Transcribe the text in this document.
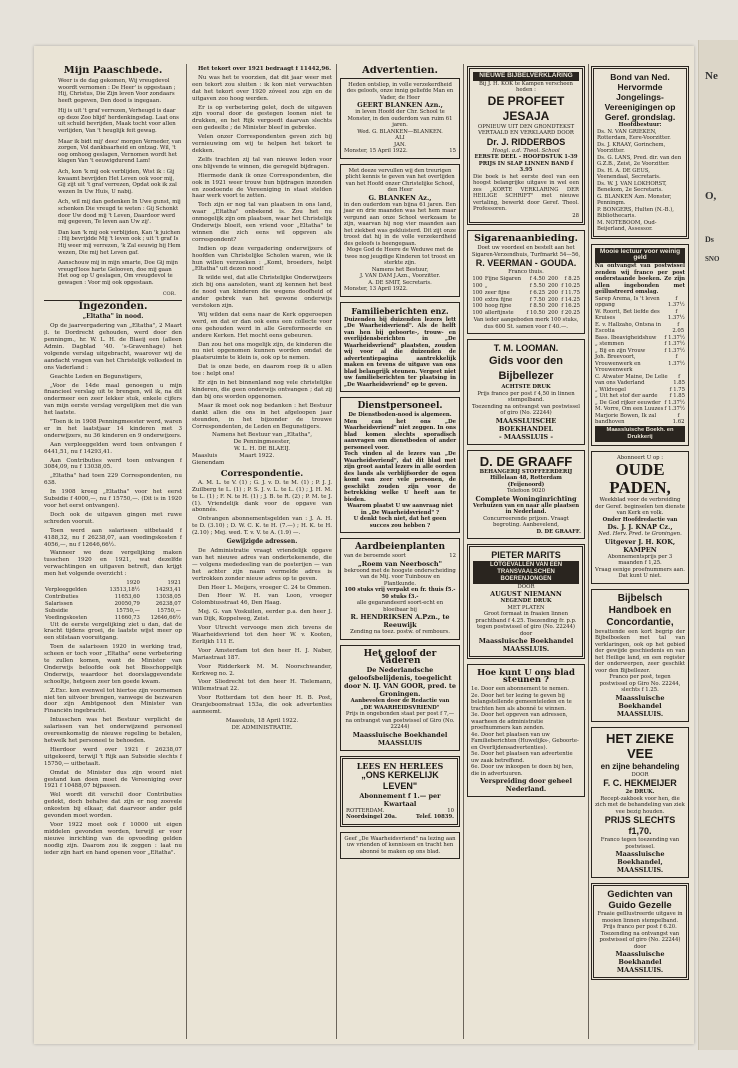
Mijn Paaschbede.

Weer is de dag gekomen, Wij vreugdevol woordt vernomen : De Heer' is opgestaan ; Hij, Christus, Die Zijn leven Voor zondaars heeft gegeven, Den dood is ingegaan.

Hij is uit 't graf verrezen, Verheugd is daar op deze Zoo blijd' herdenkingsdag. Laat ons uit schuld bevrijden, Maak tocht voor allen verlijden, Van 't heuglijk feit gewag.

Maar ik bidt mij' deez' morgen Verneder, van zorgen, Vol dankbaarheid en ontzag. Wil, 't oog omhoog geslagen, Vernomen wordt het klagen Van 't eeuwigdurend Lam!

Ach, kon 'k mij ook verblijden, Wist ik : Gij kwaamt bevrijden Het Leven ook voor mij, Gij zijt uit 't graf verrezen, Opdat ook ik zal wezen In Uw Huis, U nabij.

Ach, wil mij dan gedenken In Uwe gunst, mij schenken Die vreugd te weten : Gij Schonkt door Uw dood mij 't Leven, Daardoor werd mij gegeven, Te leven aan Uw zij'.

Dan kan 'k mij ook verblijden, Kan 'k juichen : Hij bevrijdde Mij 't leven ook ; uit 't graf Is Hij weer mij verrezen, 'k Zal eeuwig bij Hem wezen, Die mij het Leven gaf.

Aanschouw mij in mijn smarte, Doe Gij mijn vreugd'loos harte Gelooven, doe mij gaan Het oog op U geslagen, Om vreugdevol te gewagen : Voor mij ook opgestaan.

COR.
Ingezonden.
„Eltatha" in nood.

Op de jaarvergadering van „Eltatha", 2 Maart jl. te Dordrecht gehouden, werd door den penningm., hr. W. L. H. de Blaeij een (alleen Admin. Dagblad ’40. ’s-Gravenhage) het volgende verslag uitgebracht, waarover wij de aandacht vragen van het Christelijk volksdeel in ons Vaderland :

Geachte Leden en Begunstigers,

„Voor de 14de maal genoegen u mijn financieel verslag uit te brengen, wil ik, na dit ondermeer een zeer lekker stuk, enkele cijfers van mijn eerste verslag vergelijken met die van het laatste.

"Toen ik in 1908 Penningmeester werd, waren er in het laatstjaar 14 kinderen met 3 onderwijzers, nu 36 kinderen en 9 onderwijzers.

Aan verpleeggelden werd toen ontvangen f 6441,51, nu f 14293,41.

Aan Contributies werd toen ontvangen f 3084,09, nu f 13038,05.

„Eltatha" had toen 229 Correspondenten, nu 638.

In 1908 kreeg „Eltatha" voor het eerst Subsidie f 4000,—, nu f 15750,—. (Dit is in 1920 voor het eerst ontvangen).

Doch ook de uitgaven gingen met ruwe schreden vooruit.

Toen werd aan salarissen uitbetaald f 4188,32, nu f 26238,07, aan voedingskosten f 4056,—, nu f 12646,66½.

Wanneer we deze vergelijking maken tusschen 1920 en 1921, wat dezelfde verwachtingen en uitgaven betreft, dan krijgt men het volgende overzicht :

	1920	1921
Verpleeggelden	13513,18½	14293,41
Contributies	11653,60	13038,05
Salarissen	20050,79	26238,07
Subsidie	15750,—	15750,—
Voedingskosten	11660,73	12646,66½

Uit de eerste vergelijking ziet u dan, dat de kracht tijdens groei, de laatste wijst meer op een stilstaan vooruitgang.

Toen de salarissen 1920 in werking trad, scheen er toch voor „Eltatha" eene verbetering te zullen komen, want de Minister van Onderwijs beloofde ook het Bisschoppelijk Onderwijs, waardoor het doorslaggevendste schooltje, hetgeen zeer ten goede kwam.

Z.Exc. kon evenwel tot hiertoe zijn voornemen niet ten uitvoer brengen, vanwege de bezwaren door zijn Ambtgenoot den Minister van Financiën ingebracht.

Intusschen was het Bestuur verplicht de salarissen van het onderwijzend personeel overeenkomstig de nieuwe regeling te betalen, hetwelk het personeel te behoeden.

Hierdoor werd over 1921 f 26238,07 uitgekeerd, terwijl 't Rijk aan Subsidie slechts f 15750,— uitbetaalt.

Omdat de Minister dus zijn woord niet gestand kan doen moet de Vereeniging over 1921 f 10488,07 bijpassen.

Wel wordt dit verschil door Contributies gedekt, doch behalve dat zijn er nog zoovele onkosten bij elkaar, dat daarvoor ander geld gevonden moet worden.

Voor 1922 moet ook f 10000 uit eigen middelen gevonden worden, terwijl er voor nieuwe inrichting van de opvoeding gelden noodig zijn. Daarom zou ik zeggen : laat nu ieder zijn hart en hand openen voor „Eltatha".

Het tekort over 1921 bedraagt f 11442,96.

Nu was het te voorzien, dat dit jaar weer met een tekort zou sluiten : ik kon niet verwachten dat het tekort over 1920 zóveel zou zijn en de uitgaven zoo hoog werden.

Er is op verbetering gelet, doch de uitgaven zijn vooral door de gestegen loonen niet te drukken, en het Rijk vergoedt daarvan slechts een gedeelte ; de Minister bleef in gebreke.

Velen onzer Correspondenten geven zich bij vernieuwing om wij te helpen het tekort te dekken.

Zelfs trachten zij tal van nieuwe leden voor ons blijvende te winnen, die geregeld bijdragen.

Hiermede dank ik onze Correspondenten, die ook in 1921 weer trouw hun bijdragen inzonden en zoodoende de Vereeniging in staat stelden haar werk voort te zetten.

Toch zijn er nog tal van plaatsen in ons land, waar „Eltatha" onbekend is. Zou het nu onmogelijk zijn om plaatsen, waar het Christelijk Onderwijs bloeit, een vriend voor „Eltatha" te winnen die zich eens wil opgeven als correspondent?

Indien op deze vergadering onderwijzers of hoofden van Christelijke Scholen waren, wie ik hun willen verzoeken : „Komt, broeders, helpt „Eltatha" uit dezen nood!

Ik wilde wel, dat alle Christelijke Onderwijzers zich bij ons aansloten, want zij kennen het best de nood van kinderen die wegens doofheid of ander gebrek van het gewone onderwijs verstoken zijn.

Wij wilden dat eens naar de Kerk opgeroepen werd, en dat er dan ook eens een collecte voor ons gehouden werd in alle Gereformeerde en andere Kerken. Het mocht eens gebeuren.

Dan zou het ons mogelijk zijn, de kinderen die nu niet opgenomen kunnen worden omdat de plaatsruimte te klein is, ook op te nemen.

Dat is onze bede, en daarom roep ik u allen toe : helpt ons!

Er zijn in het binnenland nog vele christelijke kinderen, die geen onderwijs ontvangen ; dat zij dan bij ons worden opgenomen.

Maar ik moet ook nog bedanken : het Bestuur dankt allen die ons in het afgeloopen jaar steunden, in het bijzonder de trouwe Correspondenten, de Leden en Begunstigers.

Namens het Bestuur van „Eltatha",
De Penningmeester,
W. L. H. DE BLAEIJ.
Maasluis	Maart 1922.
Gienendam
Correspondentie.

A. M. L. te V. (1) ; G. J. v. D. te M. (1) ; P. J. J. Zuilberg te L. (1) ; P. S. J. v. L. te L. (1) ; J. H. M. te L. (1) ; F. N. te H. (1) ; J. B. te R. (2) ; P. M. te J. (1). Vriendelijk dank voor de opgave van abonnés.

Ontvangen abonnementsgelden van : J. A. H. te D. (3.10) ; D. W. C. K. te H. (7.—) ; H. K. te H. (2.10) ; Mej. wed. T. v. V. te A. (1.9) —.

Gewijzigde adressen.

De Administratie vraagt vriendelijk opgave van het nieuwe adres van ondertekenende, die — volgens mededeeling van de posterijen — van het achter zijn naam vermelde adres is vertrokken zonder nieuw adres op te geven.

Den Heer L. Meijers, vroeger C. 24 te Ommen.

Den Heer W. H. van Loon, vroeger Colombiusstraat 46, Den Haag.

Mej. G. van Voskuilen, eerder p.a. den heer J. van Dijk, Koppelweg, Zeist.

Voor Utrecht vervooge men zich tevens de Waarheidsvriend tot den heer W. v. Kooten, Eerlijkh 111 E.

Voor Amsterdam tot den heer H. J. Naber, Mariastraat 187.

Voor Ridderkerk M. M. Noorschwander, Kerkweg no. 2.

Voor Sliedrecht tot den heer H. Tielemann, Willemstraat 22.

Voor Rotterdam tot den heer H. B. Post, Oranjeboomstraat 153a, die ook advertenties aanneemt.

Maassluis, 18 April 1922.
DE ADMINISTRATIE.
Advertentiën.
Heden ontsliep, in volle verzekerdheid des geloofs, onze innig geliefde Man en Vader, de Heer
GEERT BLANKEN Azn.,
in leven Hoofd der Chr. School te Monster, in den ouderdom van ruim 61 jaren.
Wed. G. BLANKEN—BLANKEN.
ALI
JAN.
Monster, 15 April 1922.	15
Met deeze vervullen wij den treurigen plicht kennis te geven van het overlijden van het Hoofd onzer Christelijke School, den Heer
G. BLANKEN Az.,
in den ouderdom van bijna 61 jaren. Een jaar en drie maanden was het hem maar vergund aan onze School werkzaam te zijn, waarvan hij nog vier maanden aan het ziekbed was gekluisterd. Dit zijt onze troost dat hij in de volle verzekerdheid des geloofs is heengegaan.
Moge God de Heere de Weduwe met de twee nog jeugdige Kinderen tot troost en sterkte zijn.
Namens het Bestuur,
J. VAN DAM J.Azn., Voorzitter.
A. DE SMIT, Secretaris.
Monster, 13 April 1922.
Familieberichten enz.
Duizenden bij duizenden lezers lett „De Waarheidsvriend". Als de helft van hen bij geboorte-, trouw- en overlijdensberichten in „De Waarheidsvriend" plaatsten, zouden wij voor al die duizenden de advertentiepagina aantrekkelijk maken en tevens de uitgave van ons blad belangrijk steunen. Vergeet niet uw familieberichten ter plaatsing in „De Waarheidsvriend" op te geven.
Dienstpersoneel.
De Dienstboden-nood is algemeen.
Men can het ons „De Waarheidsvriend" niet zeggen. In ons blad komen slechts sporadisch aanvragen om dienstboden of ander personeel voor.
Toch vinden al de lezers van „De Waarheidsvriend", dat dit blad met zijn groot aantal lezers in alle oorden des lands als verblijfsorder de ogen komt van zeer vele personen, de geschikt zouden zijn voor de betrekking welke U heeft aan te bieden.
Waarom plaatst U uw aanvraag niet in „De Waarheidsvriend" ?
U denkt toch niet, dat het geen succes zou hebben ?
Aardbeienplanten
van de beroemde soort	12
„Roem van Neerbosch"
bekroond met de hoogste onderscheiding van de Mij. voor Tuinbouw en Plantkunde.
100 stuks vrij verpakt en fr. thuis f5.-
50 stuks f3.-
alle gegarandeerd soort-echt en bloeibaar bij
R. HENDRIKSEN A.Pzn., te Reeuwijk
Zending na toez. postw. of rembours.
Het geloof der Vaderen
De Nederlandsche geloofsbelijdenis, toegelicht door N. IJ. VAN GOOR, pred. te Groningen.
Aanbevolen door de Redactie van „DE WAARHEIDSVRIEND"
Prijs in ongebonden staat per post f 7,— na ontvangst van postwissel of Giro (No. 22244)
Maassluische Boekhandel
MAASSLUIS
LEES EN HERLEES
„ONS KERKELIJK LEVEN"
Abonnement f 1.— per Kwartaal
ROTTERDAM.	10
Noordsingel 20a.	Telef. 10839.
Geef „De Waarheidsvriend" na lezing aan uw vrienden of kennissen en tracht hen abonné te maken op ons blad.
NIEUWE BIJBELVERKLARING
Bij J. H. KOK te Kampen verscheen heden :
DE PROFEET JESAJA
OPNIEUW UIT DEN GRONDTEKST VERTAALD EN VERKLAARD DOOR
Dr. J. RIDDERBOS
Hoogl. a.d. Theol. School
EERSTE DEEL - HOOFDSTUK 1-39
PRIJS IN SLAP LINNEN BAND f 3.95
Die boek is het eerste deel van een hoogst belangrijke uitgave in wel een zes „KORTE VERKLARING DER HEILIGE SCHRIFT" met nieuwe vertaling, bewerkt door Geref. Theol. Professoren.
28
Sigarenaanbieding.
Doet uw voordeel en bestelt aan het Sigaren-Verzendhuis, Turfmarkt 54—56,
R. VEERMAN - GOUDA.
Franco thuis.
100	Fijne Sigaren	f 4.50	200	f 8.25
100	„	f 5.50	200	f 10.25
100	zeer fijne	f 6.25	200	f 11.75
100	extra fijne	f 7.50	200	f 14.25
100	hoog fijne	f 8.50	200	f 16.25
100	allerfijnste	f 10.50	200	f 20.25
Van ieder aangeboden merk 100 stuks, dus 600 St. samen voor f 40.—.
T. M. LOOMAN.
Gids voor den Bijbellezer
ACHTSTE DRUK
Prijs franco per post f 4,50 in linnen stempelband.
Toezending na ontvangst van postwissel of giro (No. 22244)
MAASSLUISCHE BOEKHANDEL
- MAASSLUIS -
D. DE GRAAFF
BEHANGERIJ STOFFEERDERIJ
Hillelaan 48, Rotterdam (Feijenoord)
Telefoon 9020
Complete Woninginrichting
Verhuizen van en naar alle plaatsen in Nederland.
Concurreerende prijzen. Vraagt begroting. Aanbevelend,
D. DE GRAAFF.
PIETER MARITS
LOTGEVALLEN VAN EEN TRANSVAALSCHEN BOERENJONGEN
DOOR
AUGUST NIEMANN
NEGENDE DRUK
MET PLATEN
Groot formaat in fraaien linnen prachtband f 4.25. Toezending fr. p.p. tegen postwissel of giro (No. 22244) door
Maassluische Boekhandel
MAASSLUIS.
Hoe kunt U ons blad steunen ?
1e. Door een abonnement te nemen.
2e. Door het ter lezing te geven bij belangstellende gemeenteleden en te trachten hen als abonné te winnen.
3e. Door het opgeven van adressen, waarheen de administratie proefnummers kan zenden.
4e. Door het plaatsen van uw Familieberichten (Huwelijks-, Geboorte- en Overlijdensadvertenties).
5e. Door het plaatsen van advertentie uw zaak betreffend.
6e. Door uw inkoopen te doen bij hen, die in advertuuren.
Verspreiding door geheel Nederland.
Bond van Ned. Hervormde Jongelings-Vereenigingen op Geref. grondslag.
Hoofdbestuur:
Ds. N. VAN GRIEKEN, Rotterdam, Eere-Voorzitter.
Ds. J. KRAAY, Gorinchem, Voorzitter.
Ds. G. LANS, Pred. dir. van den G.Z.B., Zeist, 2e Voorzitter.
Ds. H. A. DE GEUS, Veenendaal, Secretaris.
Ds. W. J. VAN LOKHORST, Benekom, 2e Secretaris.
G. BLANKEN Azn. Monster, Penningm.
P. BONGERS, Hulten (N.-B.), Bibliothecaris.
M. NOTEBOOM, Oud-Beijerland, Assessor.
Mooie lectuur voor weinig geld
Na ontvangst van postwissel zenden wij franco per post onderstaande boeken. Ze zijn allen ingebonden met geïllustreerd omslag.
Sarep Arema, Is 't leven opgang
f 1.37½
W. Roorit, Bet liefde des Kruises
f 1.37½
E. v. Hallzaho, Ontsna in Escotia
f 2.05
Bass. Ibeavigheidshuw f 1.37½
„ stemmen	f 1.37½
„ Bij en zijn Vrouw	f 1.37½
Joh. Breevoort, Vrouwenwerk en Vrouwenwerk
f 1.37½
C. Atwater Maine, De Lelie van ons Vaderland
f 1.85
„ Wildvogel	f 1.75
„ Uit het stof der aarde f 1.85
„ De God rijker eeuwder f 1.37½
M. Vorre, Om een Luuzes f 1.37½
Marjorie Bowen, Ik zal bandhoven
f 1.62
Maassluische Boekh. en Drukkerij
Abonneert U op :
OUDE PADEN,
Weekblad voor de verbreiding der Geref. beginselen ten dienste van Kerk en volk.
Onder Hoofdredactie van
Ds. J. J. KNAP Cz.,
Ned. Herv. Pred. te Groningen.
Uitgever J. H. KOK, KAMPEN
Abonnementsprijs per 3 maanden f 1,25.
Vraag eenige proefnummers aan.
Dat kunt U niet.
Bijbelsch Handboek en Concordantie,
bevattende een kort begrip der Bijbelboeken met tal van verklaringen, ook op het gebied der gewijde geschiedenis en van het Heilige land, en een register der onderwerpen, zeer geschikt voor den Bijbellezer.
Franco per post, tegen postwissel op Giro No. 22244, slechts f 1.25.
Maassluische Boekhandel
MAASSLUIS.
HET ZIEKE VEE
en zijne behandeling
DOOR
F. C. HEKMEIJER
2e DRUK.
Recept-zakboek voor hen, die zich met de behandeling van ziek vee bezig houden.
PRIJS SLECHTS f1,70.
Franco tegen toezending van postwissel.
Maassluische Boekhandel,
MAASSLUIS.
Gedichten van Guido Gezelle
Fraaie geïllustreerde uitgave in mooien linnen stempelband.
Prijs franco per post f 6.20. Toezending na ontvangst van postwissel of giro (No. 22244) door
Maassluische Boekhandel
MAASSLUIS.
Ne
O,
Ds
SNO
